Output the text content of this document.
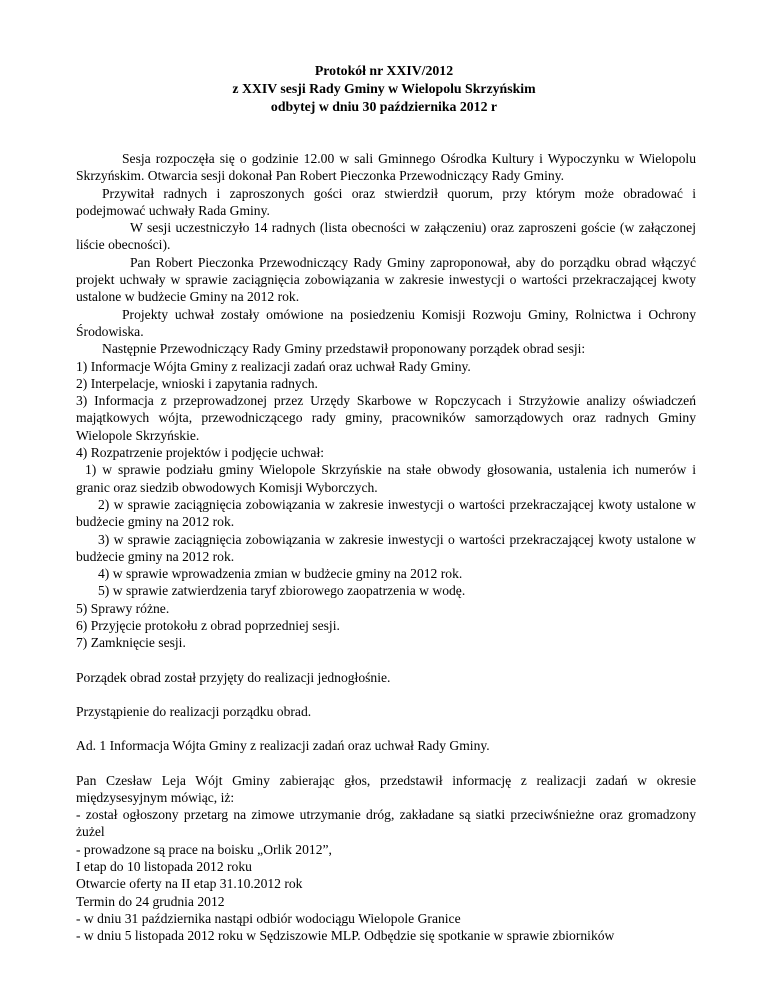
Protokół nr XXIV/2012
z XXIV sesji Rady Gminy w Wielopolu Skrzyńskim
odbytej w dniu 30 października 2012 r

Sesja rozpoczęła się o godzinie 12.00 w sali Gminnego Ośrodka Kultury i Wypoczynku w Wielopolu Skrzyńskim. Otwarcia sesji dokonał Pan Robert Pieczonka Przewodniczący Rady Gminy.

Przywitał radnych i zaproszonych gości oraz stwierdził quorum, przy którym może obradować i podejmować uchwały Rada Gminy.

W sesji uczestniczyło 14 radnych (lista obecności w załączeniu) oraz zaproszeni goście (w załączonej liście obecności).

Pan Robert Pieczonka Przewodniczący Rady Gminy zaproponował, aby do porządku obrad włączyć projekt uchwały w sprawie zaciągnięcia zobowiązania w zakresie inwestycji o wartości przekraczającej kwoty ustalone w budżecie Gminy na 2012 rok.

Projekty uchwał zostały omówione na posiedzeniu Komisji Rozwoju Gminy, Rolnictwa i Ochrony Środowiska.

Następnie Przewodniczący Rady Gminy przedstawił proponowany porządek obrad sesji:

1) Informacje Wójta Gminy z realizacji zadań oraz uchwał Rady Gminy.

2) Interpelacje, wnioski i zapytania radnych.

3) Informacja z przeprowadzonej przez Urzędy Skarbowe w Ropczycach i Strzyżowie analizy oświadczeń majątkowych wójta, przewodniczącego rady gminy, pracowników samorządowych oraz radnych Gminy Wielopole Skrzyńskie.

4) Rozpatrzenie projektów i podjęcie uchwał:

1) w sprawie podziału gminy Wielopole Skrzyńskie na stałe obwody głosowania, ustalenia ich numerów i granic oraz siedzib obwodowych Komisji Wyborczych.

2) w sprawie zaciągnięcia zobowiązania w zakresie inwestycji o wartości przekraczającej kwoty ustalone w budżecie gminy na 2012 rok.

3) w sprawie zaciągnięcia zobowiązania w zakresie inwestycji o wartości przekraczającej kwoty ustalone w budżecie gminy na 2012 rok.

4) w sprawie wprowadzenia zmian w budżecie gminy na 2012 rok.

5) w sprawie zatwierdzenia taryf zbiorowego zaopatrzenia w wodę.

5) Sprawy różne.

6) Przyjęcie protokołu z obrad poprzedniej sesji.

7) Zamknięcie sesji.

Porządek obrad został przyjęty do realizacji jednogłośnie.

Przystąpienie do realizacji porządku obrad.

Ad. 1 Informacja Wójta Gminy z realizacji zadań oraz uchwał Rady Gminy.

Pan Czesław Leja Wójt Gminy zabierając głos, przedstawił informację z realizacji zadań w okresie międzysesyjnym mówiąc, iż:

- został ogłoszony przetarg na zimowe utrzymanie dróg, zakładane są siatki przeciwśnieżne oraz gromadzony żużel

- prowadzone są prace na boisku „Orlik 2012”,

I etap do 10 listopada 2012 roku

Otwarcie oferty na II etap 31.10.2012 rok

Termin do 24 grudnia 2012

- w dniu 31 października nastąpi odbiór wodociągu Wielopole Granice

- w dniu 5 listopada 2012 roku w Sędziszowie MLP. Odbędzie się spotkanie w sprawie zbiorników
